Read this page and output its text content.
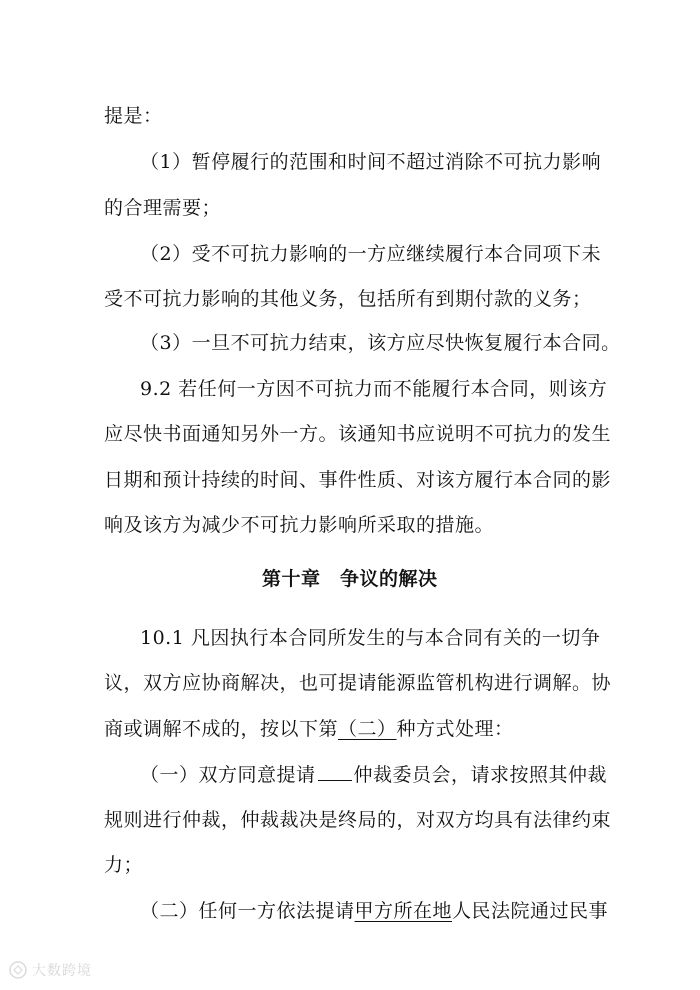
提是：
（1）暂停履行的范围和时间不超过消除不可抗力影响
的合理需要；
（2）受不可抗力影响的一方应继续履行本合同项下未
受不可抗力影响的其他义务，包括所有到期付款的义务；
（3）一旦不可抗力结束，该方应尽快恢复履行本合同。
9.2 若任何一方因不可抗力而不能履行本合同，则该方
应尽快书面通知另外一方。该通知书应说明不可抗力的发生
日期和预计持续的时间、事件性质、对该方履行本合同的影
响及该方为减少不可抗力影响所采取的措施。
第十章　争议的解决
10.1 凡因执行本合同所发生的与本合同有关的一切争
议，双方应协商解决，也可提请能源监管机构进行调解。协
商或调解不成的，按以下第（二）种方式处理：
（一）双方同意提请 仲裁委员会，请求按照其仲裁
规则进行仲裁，仲裁裁决是终局的，对双方均具有法律约束
力；
（二）任何一方依法提请甲方所在地人民法院通过民事
大数跨境
